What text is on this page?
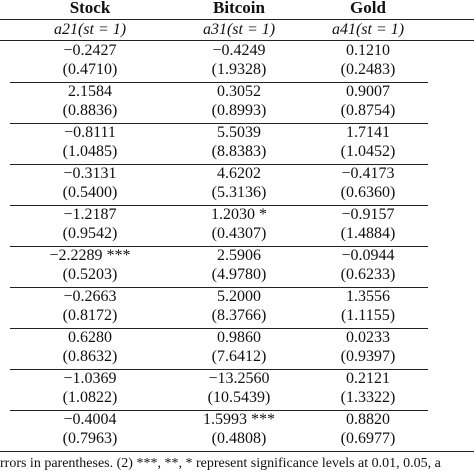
Stock	Bitcoin	Gold
a21(st = 1)	a31(st = 1)	a41(st = 1)
−0.2427	−0.4249	0.1210
(0.4710)	(1.9328)	(0.2483)
2.1584	0.3052	0.9007
(0.8836)	(0.8993)	(0.8754)
−0.8111	5.5039	1.7141
(1.0485)	(8.8383)	(1.0452)
−0.3131	4.6202	−0.4173
(0.5400)	(5.3136)	(0.6360)
−1.2187	1.2030 *	−0.9157
(0.9542)	(0.4307)	(1.4884)
−2.2289 ***	2.5906	−0.0944
(0.5203)	(4.9780)	(0.6233)
−0.2663	5.2000	1.3556
(0.8172)	(8.3766)	(1.1155)
0.6280	0.9860	0.0233
(0.8632)	(7.6412)	(0.9397)
−1.0369	−13.2560	0.2121
(1.0822)	(10.5439)	(1.3322)
−0.4004	1.5993 ***	0.8820
(0.7963)	(0.4808)	(0.6977)
rrors in parentheses. (2) ***, **, * represent significance levels at 0.01, 0.05, a
